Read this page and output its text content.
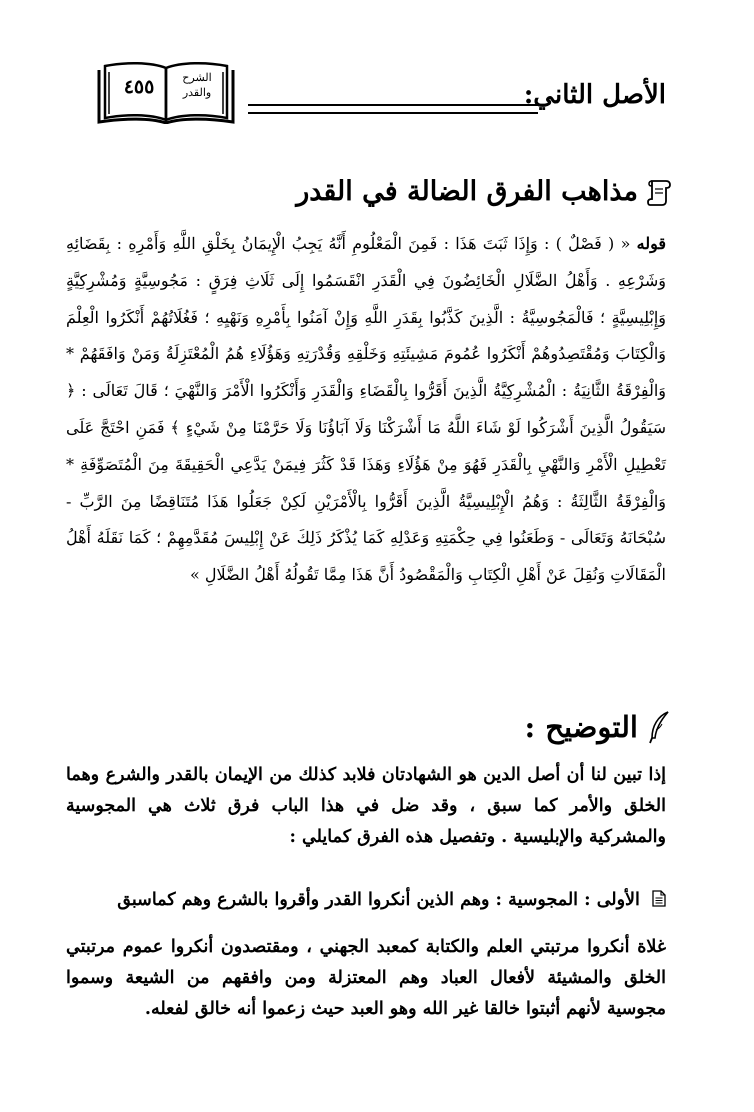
الأصل الثاني:
٤٥٥	الشرح
والقدر
مذاهب الفرق الضالة في القدر
قوله « ( فَصْلٌ ) : وَإِذَا ثَبَتَ هَذَا : فَمِنَ الْمَعْلُومِ أَنَّهُ يَجِبُ الْإِيمَانُ بِخَلْقِ اللَّهِ وَأَمْرِهِ : بِقَضَائِهِ وَشَرْعِهِ . وَأَهْلُ الضَّلَالِ الْخَائِضُونَ فِي الْقَدَرِ انْقَسَمُوا إِلَى ثَلَاثِ فِرَقٍ : مَجُوسِيَّةٍ وَمُشْرِكِيَّةٍ وَإِبْلِيسِيَّةٍ ؛ فَالْمَجُوسِيَّةُ : الَّذِينَ كَذَّبُوا بِقَدَرِ اللَّهِ وَإِنْ آمَنُوا بِأَمْرِهِ وَنَهْيِهِ ؛ فَغُلَاتُهُمْ أَنْكَرُوا الْعِلْمَ وَالْكِتَابَ وَمُقْتَصِدُوهُمْ أَنْكَرُوا عُمُومَ مَشِيئَتِهِ وَخَلْقِهِ وَقُدْرَتِهِ وَهَؤُلَاءِ هُمُ الْمُعْتَزِلَةُ وَمَنْ وَافَقَهُمْ * وَالْفِرْقَةُ الثَّانِيَةُ : الْمُشْرِكِيَّةُ الَّذِينَ أَقَرُّوا بِالْقَضَاءِ وَالْقَدَرِ وَأَنْكَرُوا الْأَمْرَ وَالنَّهْيَ ؛ قَالَ تَعَالَى : ﴿ سَيَقُولُ الَّذِينَ أَشْرَكُوا لَوْ شَاءَ اللَّهُ مَا أَشْرَكْنَا وَلَا آبَاؤُنَا وَلَا حَرَّمْنَا مِنْ شَيْءٍ ﴾ فَمَنِ احْتَجَّ عَلَى تَعْطِيلِ الْأَمْرِ وَالنَّهْيِ بِالْقَدَرِ فَهُوَ مِنْ هَؤُلَاءِ وَهَذَا قَدْ كَثُرَ فِيمَنْ يَدَّعِي الْحَقِيقَةَ مِنَ الْمُتَصَوِّفَةِ * وَالْفِرْقَةُ الثَّالِثَةُ : وَهُمُ الْإِبْلِيسِيَّةُ الَّذِينَ أَقَرُّوا بِالْأَمْرَيْنِ لَكِنْ جَعَلُوا هَذَا مُتَنَاقِضًا مِنَ الرَّبِّ - سُبْحَانَهُ وَتَعَالَى - وَطَعَنُوا فِي حِكْمَتِهِ وَعَدْلِهِ كَمَا يُذْكَرُ ذَلِكَ عَنْ إِبْلِيسَ مُقَدَّمِهِمْ ؛ كَمَا نَقَلَهُ أَهْلُ الْمَقَالَاتِ وَنُقِلَ عَنْ أَهْلِ الْكِتَابِ وَالْمَقْصُودُ أَنَّ هَذَا مِمَّا تَقُولُهُ أَهْلُ الضَّلَالِ »
التوضيح :
إذا تبين لنا أن أصل الدين هو الشهادتان فلابد كذلك من الإيمان بالقدر والشرع وهما الخلق والأمر كما سبق ، وقد ضل في هذا الباب فرق ثلاث هي المجوسية والمشركية والإبليسية . وتفصيل هذه الفرق كمايلي :
الأولى : المجوسية : وهم الذين أنكروا القدر وأقروا بالشرع وهم كماسبق
غلاة أنكروا مرتبتي العلم والكتابة كمعبد الجهني ، ومقتصدون أنكروا عموم مرتبتي الخلق والمشيئة لأفعال العباد وهم المعتزلة ومن وافقهم من الشيعة وسموا مجوسية لأنهم أثبتوا خالقا غير الله وهو العبد حيث زعموا أنه خالق لفعله.
